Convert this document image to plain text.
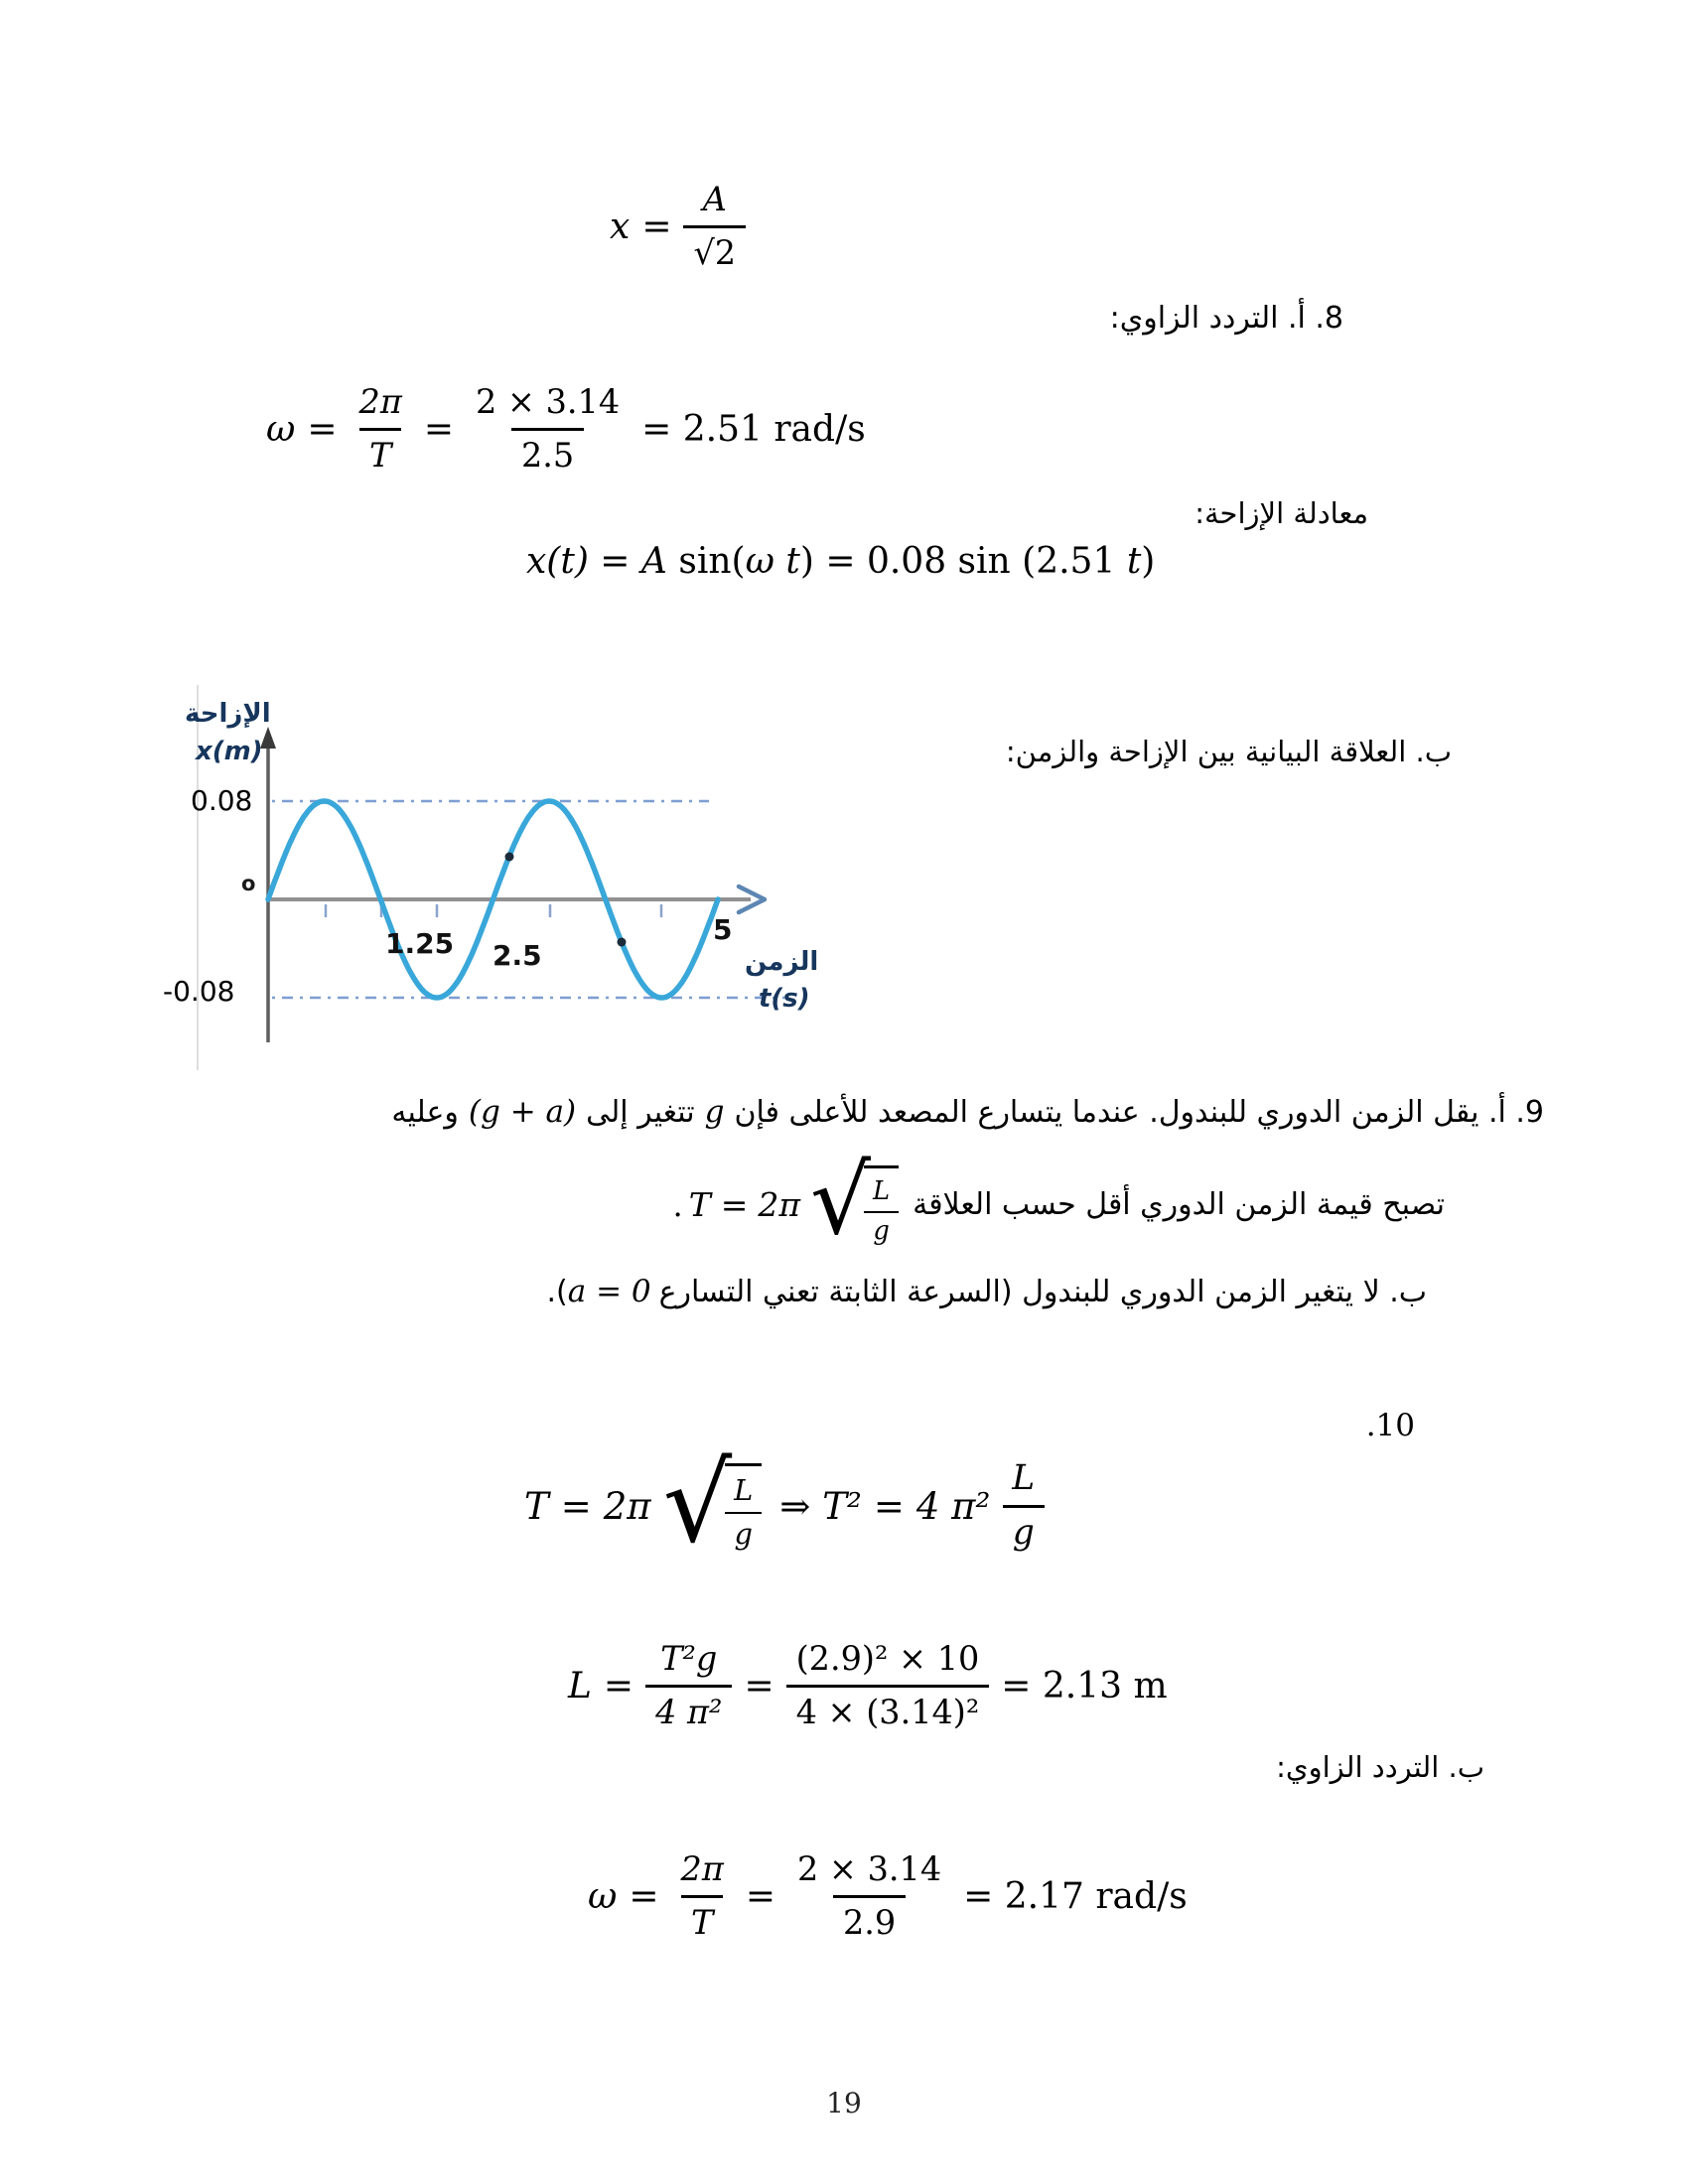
$x = \frac{A}{√2}$
8. أ. التردد الزاوي:
$\omega = \frac{2\pi}{T} = \frac{2 \times 3.14}{2.5} = 2.51$ rad/s
معادلة الإزاحة:
x(t) = A sin(ω t) = 0.08 sin (2.51 t)
ب. العلاقة البيانية بين الإزاحة والزمن:
الإزاحة
x(m)
0.08
o
-0.08
1.25 2.5
5
الزمن
t(s)
9. أ. يقل الزمن الدوري للبندول. عندما يتسارع المصعد للأعلى فإنgتتغير إلى(g + a)وعليه
تصبح قيمة الزمن الدوري أقل حسب العلاقة
T = 2π √
$\frac{L}{g}$
.
ب. لا يتغير الزمن الدوري للبندول (السرعة الثابتة تعني التسارعa = 0).
.10
T = 2π √
$\frac{L}{g}$ ⇒ T² = 4 $\pi^2 \frac{L}{g}$
$L = \frac{\text{T²g}}{\text{4 π²}} = \frac{\text{(2.9)² × 10}}{\text{4 × (3.14)²}} = 2.13$ m
ب. التردد الزاوي:
$\omega = \frac{2\pi}{T} = \frac{2 \times 3.14}{2.9} = 2.17$ rad/s
19
